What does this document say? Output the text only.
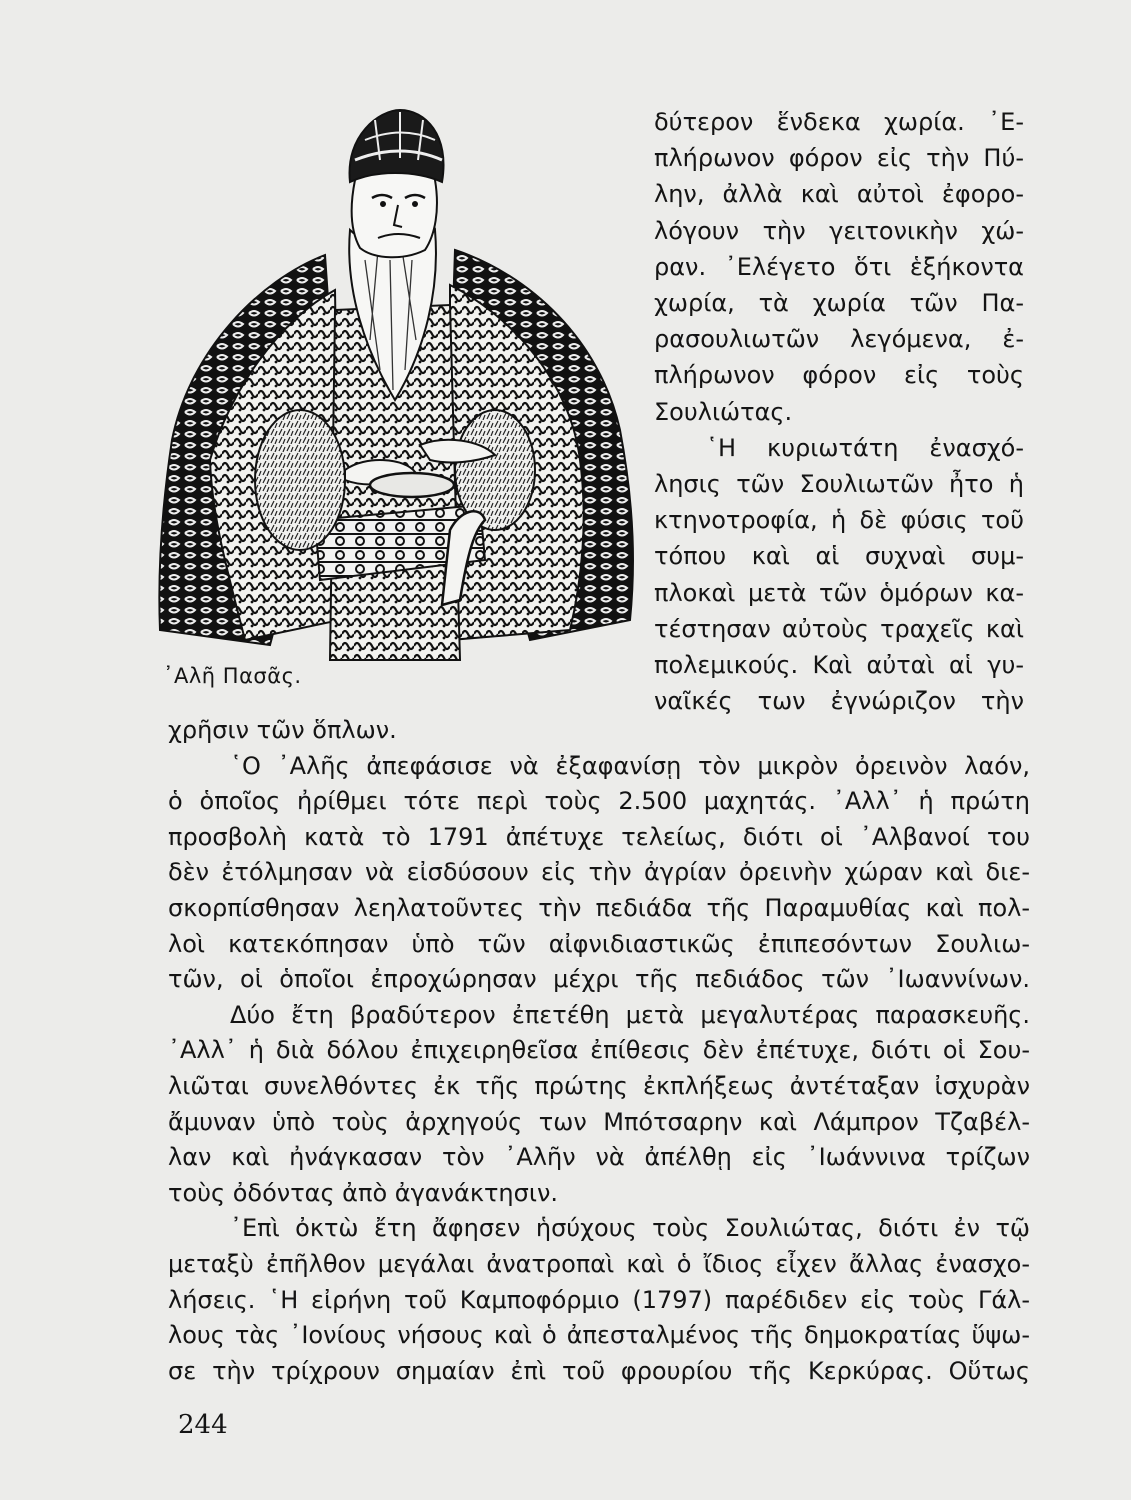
᾿Αλῆ Πασᾶς.
δύτερον ἕνδεκα χωρία. ᾿Ε-
πλήρωνον φόρον εἰς τὴν Πύ-
λην, ἀλλὰ καὶ αὐτοὶ ἐφορο-
λόγουν τὴν γειτονικὴν χώ-
ραν. ᾿Ελέγετο ὅτι ἑξήκοντα
χωρία, τὰ χωρία τῶν Πα-
ρασουλιωτῶν λεγόμενα, ἐ-
πλήρωνον φόρον εἰς τοὺς
Σουλιώτας.
῾Η κυριωτάτη ἐνασχό-
λησις τῶν Σουλιωτῶν ἦτο ἡ
κτηνοτροφία, ἡ δὲ φύσις τοῦ
τόπου καὶ αἱ συχναὶ συμ-
πλοκαὶ μετὰ τῶν ὁμόρων κα-
τέστησαν αὐτοὺς τραχεῖς καὶ
πολεμικούς. Καὶ αὐταὶ αἱ γυ-
ναῖκές των ἐγνώριζον τὴν
χρῆσιν τῶν ὅπλων.
῾Ο ᾿Αλῆς ἀπεφάσισε νὰ ἐξαφανίσῃ τὸν μικρὸν ὀρεινὸν λαόν,
ὁ ὁποῖος ἠρίθμει τότε περὶ τοὺς 2.500 μαχητάς. ᾿Αλλ᾿ ἡ πρώτη
προσβολὴ κατὰ τὸ 1791 ἀπέτυχε τελείως, διότι οἱ ᾿Αλβανοί του
δὲν ἐτόλμησαν νὰ εἰσδύσουν εἰς τὴν ἀγρίαν ὀρεινὴν χώραν καὶ διε-
σκορπίσθησαν λεηλατοῦντες τὴν πεδιάδα τῆς Παραμυθίας καὶ πολ-
λοὶ κατεκόπησαν ὑπὸ τῶν αἰφνιδιαστικῶς ἐπιπεσόντων Σουλιω-
τῶν, οἱ ὁποῖοι ἐπροχώρησαν μέχρι τῆς πεδιάδος τῶν ᾿Ιωαννίνων.
Δύο ἔτη βραδύτερον ἐπετέθη μετὰ μεγαλυτέρας παρασκευῆς.
᾿Αλλ᾿ ἡ διὰ δόλου ἐπιχειρηθεῖσα ἐπίθεσις δὲν ἐπέτυχε, διότι οἱ Σου-
λιῶται συνελθόντες ἐκ τῆς πρώτης ἐκπλήξεως ἀντέταξαν ἰσχυρὰν
ἄμυναν ὑπὸ τοὺς ἀρχηγούς των Μπότσαρην καὶ Λάμπρον Τζαβέλ-
λαν καὶ ἠνάγκασαν τὸν ᾿Αλῆν νὰ ἀπέλθῃ εἰς ᾿Ιωάννινα τρίζων
τοὺς ὀδόντας ἀπὸ ἀγανάκτησιν.
᾿Επὶ ὀκτὼ ἔτη ἄφησεν ἡσύχους τοὺς Σουλιώτας, διότι ἐν τῷ
μεταξὺ ἐπῆλθον μεγάλαι ἀνατροπαὶ καὶ ὁ ἴδιος εἶχεν ἄλλας ἐνασχο-
λήσεις. ῾Η εἰρήνη τοῦ Καμποφόρμιο (1797) παρέδιδεν εἰς τοὺς Γάλ-
λους τὰς ᾿Ιονίους νήσους καὶ ὁ ἀπεσταλμένος τῆς δημοκρατίας ὕψω-
σε τὴν τρίχρουν σημαίαν ἐπὶ τοῦ φρουρίου τῆς Κερκύρας. Οὕτως
244
